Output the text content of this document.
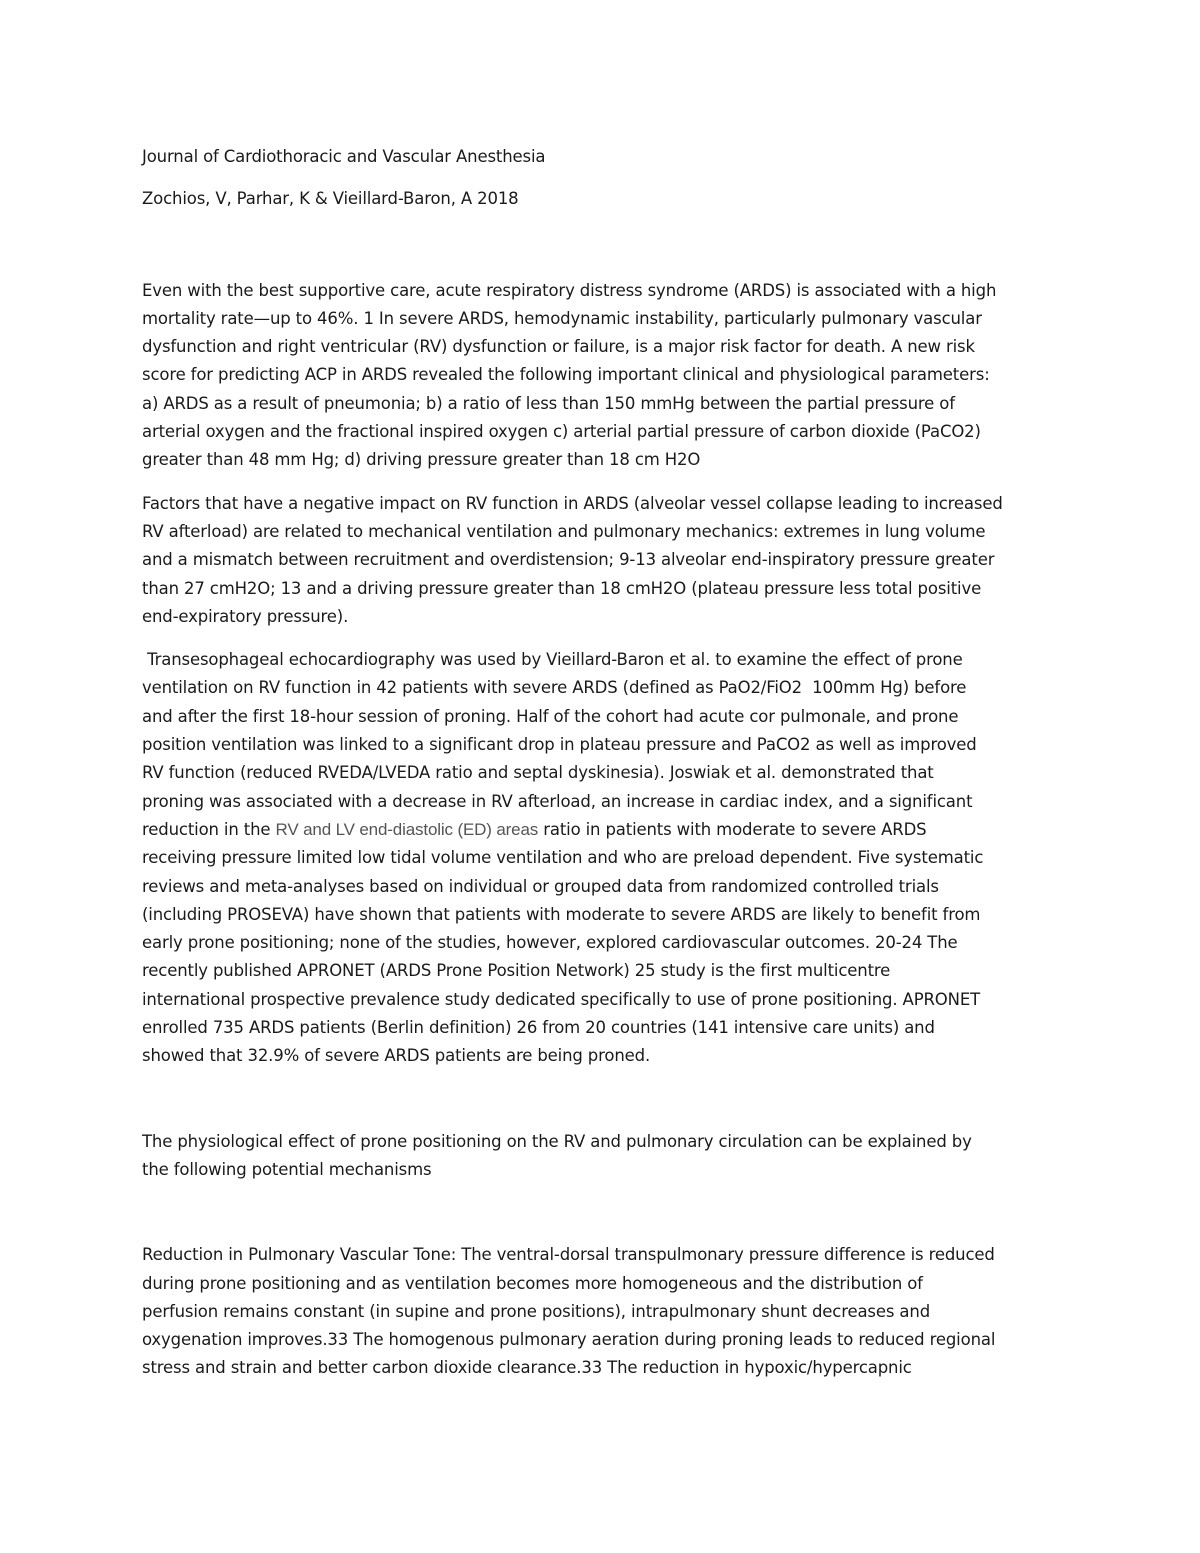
Journal of Cardiothoracic and Vascular Anesthesia
Zochios, V, Parhar, K & Vieillard-Baron, A 2018
Even with the best supportive care, acute respiratory distress syndrome (ARDS) is associated with a high
mortality rate—up to 46%. 1 In severe ARDS, hemodynamic instability, particularly pulmonary vascular
dysfunction and right ventricular (RV) dysfunction or failure, is a major risk factor for death. A new risk
score for predicting ACP in ARDS revealed the following important clinical and physiological parameters:
a) ARDS as a result of pneumonia; b) a ratio of less than 150 mmHg between the partial pressure of
arterial oxygen and the fractional inspired oxygen c) arterial partial pressure of carbon dioxide (PaCO2)
greater than 48 mm Hg; d) driving pressure greater than 18 cm H2O
Factors that have a negative impact on RV function in ARDS (alveolar vessel collapse leading to increased
RV afterload) are related to mechanical ventilation and pulmonary mechanics: extremes in lung volume
and a mismatch between recruitment and overdistension; 9-13 alveolar end-inspiratory pressure greater
than 27 cmH2O; 13 and a driving pressure greater than 18 cmH2O (plateau pressure less total positive
end-expiratory pressure).
Transesophageal echocardiography was used by Vieillard-Baron et al. to examine the effect of prone
ventilation on RV function in 42 patients with severe ARDS (defined as PaO2/FiO2  100mm Hg) before
and after the first 18-hour session of proning. Half of the cohort had acute cor pulmonale, and prone
position ventilation was linked to a significant drop in plateau pressure and PaCO2 as well as improved
RV function (reduced RVEDA/LVEDA ratio and septal dyskinesia). Joswiak et al. demonstrated that
proning was associated with a decrease in RV afterload, an increase in cardiac index, and a significant
reduction in the RV and LV end-diastolic (ED) areas ratio in patients with moderate to severe ARDS
receiving pressure limited low tidal volume ventilation and who are preload dependent. Five systematic
reviews and meta-analyses based on individual or grouped data from randomized controlled trials
(including PROSEVA) have shown that patients with moderate to severe ARDS are likely to benefit from
early prone positioning; none of the studies, however, explored cardiovascular outcomes. 20-24 The
recently published APRONET (ARDS Prone Position Network) 25 study is the first multicentre
international prospective prevalence study dedicated specifically to use of prone positioning. APRONET
enrolled 735 ARDS patients (Berlin definition) 26 from 20 countries (141 intensive care units) and
showed that 32.9% of severe ARDS patients are being proned.
The physiological effect of prone positioning on the RV and pulmonary circulation can be explained by
the following potential mechanisms
Reduction in Pulmonary Vascular Tone: The ventral-dorsal transpulmonary pressure difference is reduced
during prone positioning and as ventilation becomes more homogeneous and the distribution of
perfusion remains constant (in supine and prone positions), intrapulmonary shunt decreases and
oxygenation improves.33 The homogenous pulmonary aeration during proning leads to reduced regional
stress and strain and better carbon dioxide clearance.33 The reduction in hypoxic/hypercapnic
